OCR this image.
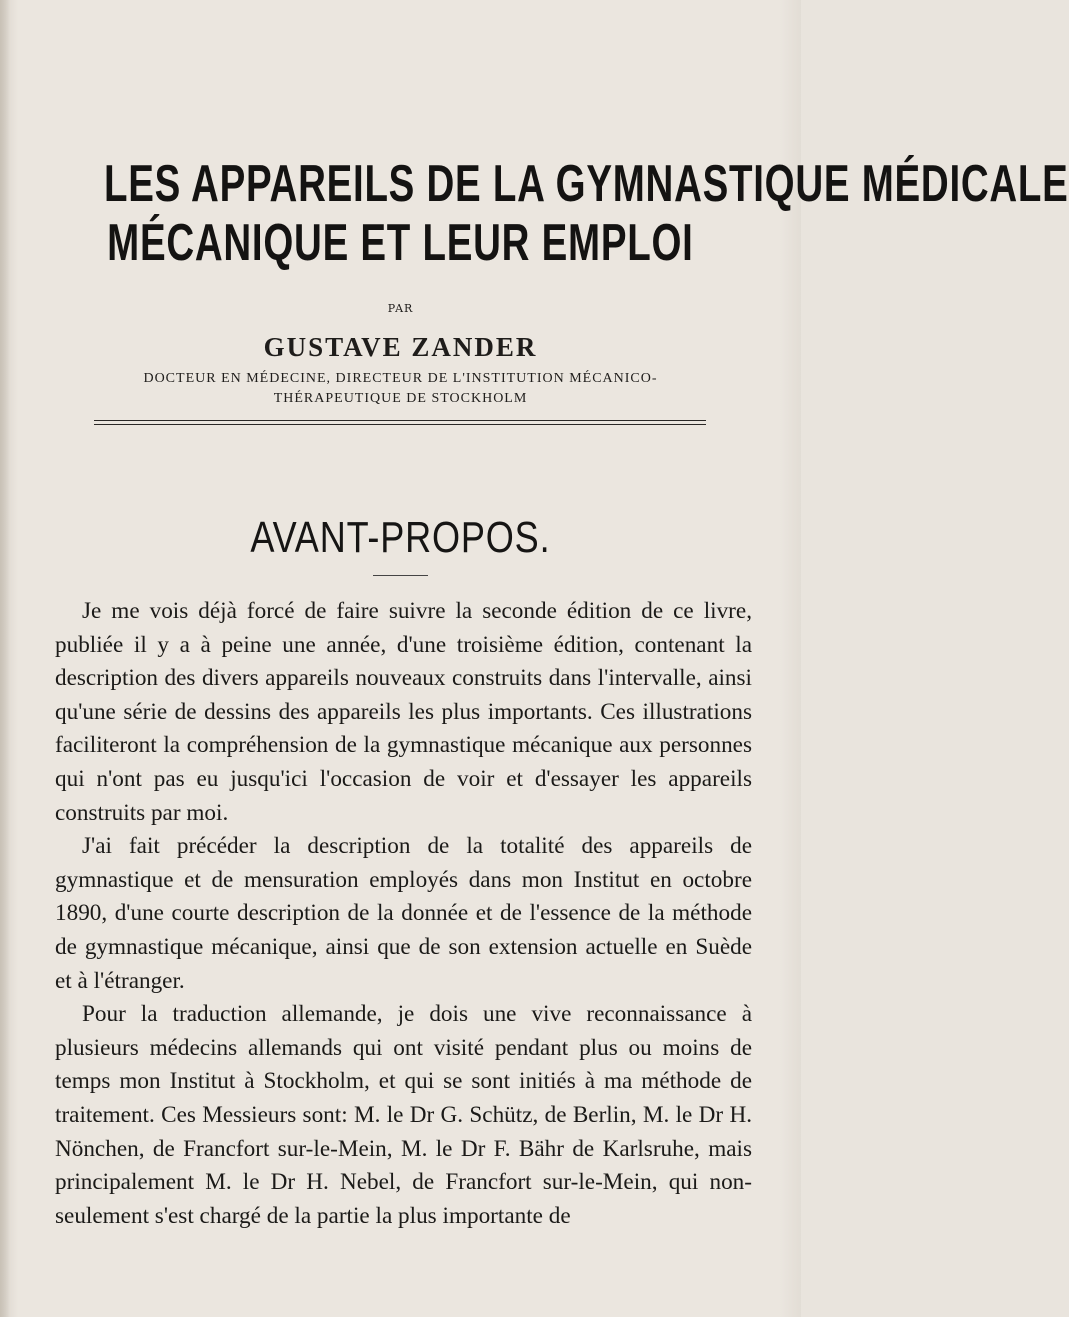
LES APPAREILS DE LA GYMNASTIQUE MÉDICALE
MÉCANIQUE ET LEUR EMPLOI
PAR
GUSTAVE ZANDER
DOCTEUR EN MÉDECINE, DIRECTEUR DE L'INSTITUTION MÉCANICO-
THÉRAPEUTIQUE DE STOCKHOLM
AVANT-PROPOS.

Je me vois déjà forcé de faire suivre la seconde édition de ce livre, publiée il y a à peine une année, d'une troisième édition, contenant la description des divers appareils nouveaux construits dans l'intervalle, ainsi qu'une série de dessins des appareils les plus importants. Ces illustrations faciliteront la compréhension de la gymnastique mécanique aux personnes qui n'ont pas eu jusqu'ici l'occasion de voir et d'essayer les appareils construits par moi.

J'ai fait précéder la description de la totalité des appareils de gymnastique et de mensuration employés dans mon Institut en octobre 1890, d'une courte description de la donnée et de l'essence de la méthode de gymnastique mécanique, ainsi que de son extension actuelle en Suède et à l'étranger.

Pour la traduction allemande, je dois une vive reconnaissance à plusieurs médecins allemands qui ont visité pendant plus ou moins de temps mon Institut à Stockholm, et qui se sont initiés à ma méthode de traitement. Ces Messieurs sont: M. le Dr G. Schütz, de Berlin, M. le Dr H. Nönchen, de Francfort sur-le-Mein, M. le Dr F. Bähr de Karlsruhe, mais principalement M. le Dr H. Nebel, de Francfort sur-le-Mein, qui non-seulement s'est chargé de la partie la plus importante de
